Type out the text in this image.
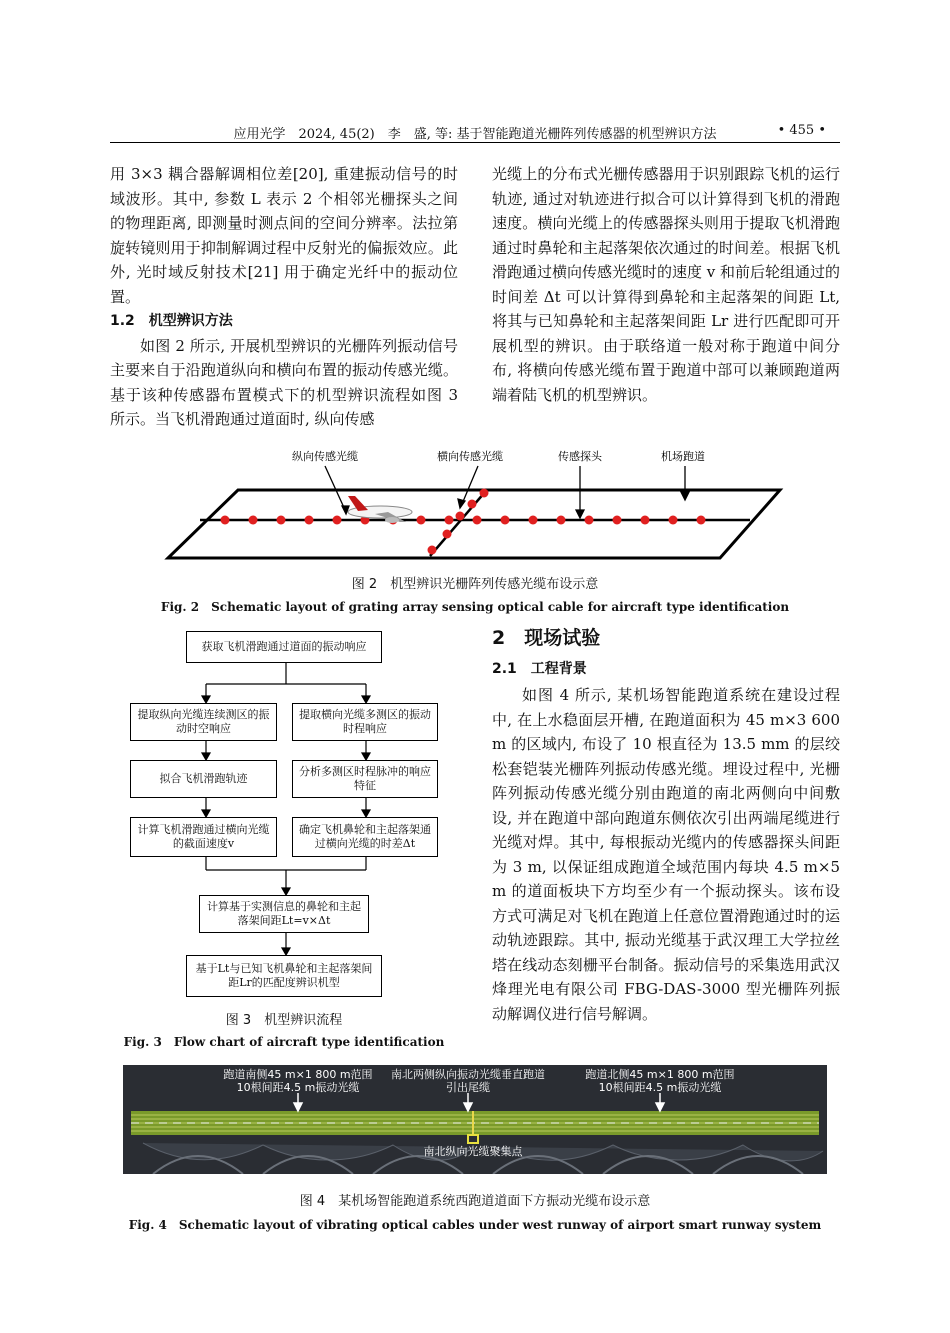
应用光学　2024, 45(2)　李　盛, 等: 基于智能跑道光栅阵列传感器的机型辨识方法	• 455 •

用 3×3 耦合器解调相位差[20], 重建振动信号的时域波形。其中, 参数 L 表示 2 个相邻光栅探头之间的物理距离, 即测量时测点间的空间分辨率。法拉第旋转镜则用于抑制解调过程中反射光的偏振效应。此外, 光时域反射技术[21] 用于确定光纤中的振动位置。

1.2　机型辨识方法

如图 2 所示, 开展机型辨识的光栅阵列振动信号主要来自于沿跑道纵向和横向布置的振动传感光缆。基于该种传感器布置模式下的机型辨识流程如图 3 所示。当飞机滑跑通过道面时, 纵向传感

光缆上的分布式光栅传感器用于识别跟踪飞机的运行轨迹, 通过对轨迹进行拟合可以计算得到飞机的滑跑速度。横向光缆上的传感器探头则用于提取飞机滑跑通过时鼻轮和主起落架依次通过的时间差。根据飞机滑跑通过横向传感光缆时的速度 v 和前后轮组通过的时间差 Δt 可以计算得到鼻轮和主起落架的间距 Lt, 将其与已知鼻轮和主起落架间距 Lr 进行匹配即可开展机型的辨识。由于联络道一般对称于跑道中间分布, 将横向传感光缆布置于跑道中部可以兼顾跑道两端着陆飞机的机型辨识。

纵向传感光缆	横向传感光缆	传感探头	机场跑道
图 2　机型辨识光栅阵列传感光缆布设示意
Fig. 2　Schematic layout of grating array sensing optical cable for aircraft type identification
获取飞机滑跑通过道面的振动响应
提取纵向光缆连续测区的振动时空响应
提取横向光缆多测区的振动时程响应
拟合飞机滑跑轨迹
分析多测区时程脉冲的响应特征
计算飞机滑跑通过横向光缆的截面速度v
确定飞机鼻轮和主起落架通过横向光缆的时差Δt
计算基于实测信息的鼻轮和主起落架间距Lt=v×Δt
基于Lt与已知飞机鼻轮和主起落架间距Lr的匹配度辨识机型
图 3　机型辨识流程
Fig. 3　Flow chart of aircraft type identification
2　现场试验
2.1　工程背景

如图 4 所示, 某机场智能跑道系统在建设过程中, 在上水稳面层开槽, 在跑道面积为 45 m×3 600 m 的区域内, 布设了 10 根直径为 13.5 mm 的层绞松套铠装光栅阵列振动传感光缆。埋设过程中, 光栅阵列振动传感光缆分别由跑道的南北两侧向中间敷设, 并在跑道中部向跑道东侧依次引出两端尾缆进行光缆对焊。其中, 每根振动光缆内的传感器探头间距为 3 m, 以保证组成跑道全域范围内每块 4.5 m×5 m 的道面板块下方均至少有一个振动探头。该布设方式可满足对飞机在跑道上任意位置滑跑通过时的运动轨迹跟踪。其中, 振动光缆基于武汉理工大学拉丝塔在线动态刻栅平台制备。振动信号的采集选用武汉烽理光电有限公司 FBG-DAS-3000 型光栅阵列振动解调仪进行信号解调。

跑道南侧45 m×1 800 m范围
10根间距4.5 m振动光缆
南北两侧纵向振动光缆垂直跑道
引出尾缆
跑道北侧45 m×1 800 m范围
10根间距4.5 m振动光缆
南北纵向光缆聚集点
图 4　某机场智能跑道系统西跑道道面下方振动光缆布设示意
Fig. 4　Schematic layout of vibrating optical cables under west runway of airport smart runway system
